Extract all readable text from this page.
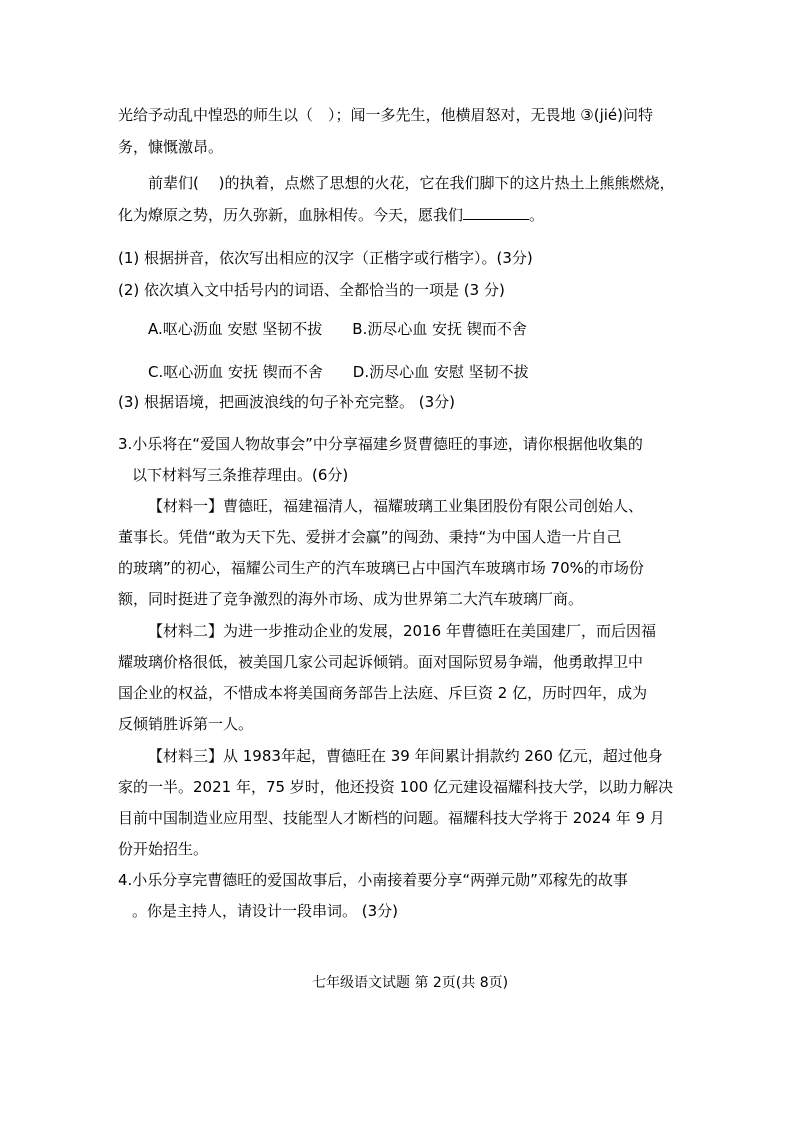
光给予动乱中惶恐的师生以（　）；闻一多先生，他横眉怒对，无畏地 ③(jié)问特
务，慷慨激昂。
前辈们(　 )的执着，点燃了思想的火花，它在我们脚下的这片热土上熊熊燃烧，
化为燎原之势，历久弥新，血脉相传。今天，愿我们	。
(1) 根据拼音，依次写出相应的汉字（正楷字或行楷字）。(3分)
(2) 依次填入文中括号内的词语、全都恰当的一项是 (3 分)
A.呕心沥血 安慰 坚韧不拔　　B.沥尽心血 安抚 锲而不舍
C.呕心沥血 安抚 锲而不舍　　D.沥尽心血 安慰 坚韧不拔
(3) 根据语境，把画波浪线的句子补充完整。 (3分)
3.小乐将在“爱国人物故事会”中分享福建乡贤曹德旺的事迹，请你根据他收集的
以下材料写三条推荐理由。(6分)
【材料一】曹德旺，福建福清人，福耀玻璃工业集团股份有限公司创始人、
董事长。凭借“敢为天下先、爱拼才会赢”的闯劲、秉持“为中国人造一片自己
的玻璃”的初心，福耀公司生产的汽车玻璃已占中国汽车玻璃市场 70%的市场份
额，同时挺进了竞争激烈的海外市场、成为世界第二大汽车玻璃厂商。
【材料二】为进一步推动企业的发展，2016 年曹德旺在美国建厂，而后因福
耀玻璃价格很低，被美国几家公司起诉倾销。面对国际贸易争端，他勇敢捍卫中
国企业的权益，不惜成本将美国商务部告上法庭、斥巨资 2 亿，历时四年，成为
反倾销胜诉第一人。
【材料三】从 1983年起，曹德旺在 39 年间累计捐款约 260 亿元，超过他身
家的一半。2021 年，75 岁时，他还投资 100 亿元建设福耀科技大学，以助力解决
目前中国制造业应用型、技能型人才断档的问题。福耀科技大学将于 2024 年 9 月
份开始招生。
4.小乐分享完曹德旺的爱国故事后，小南接着要分享“两弹元勋”邓稼先的故事
。你是主持人，请设计一段串词。 (3分)
七年级语文试题 第 2页(共 8页)
